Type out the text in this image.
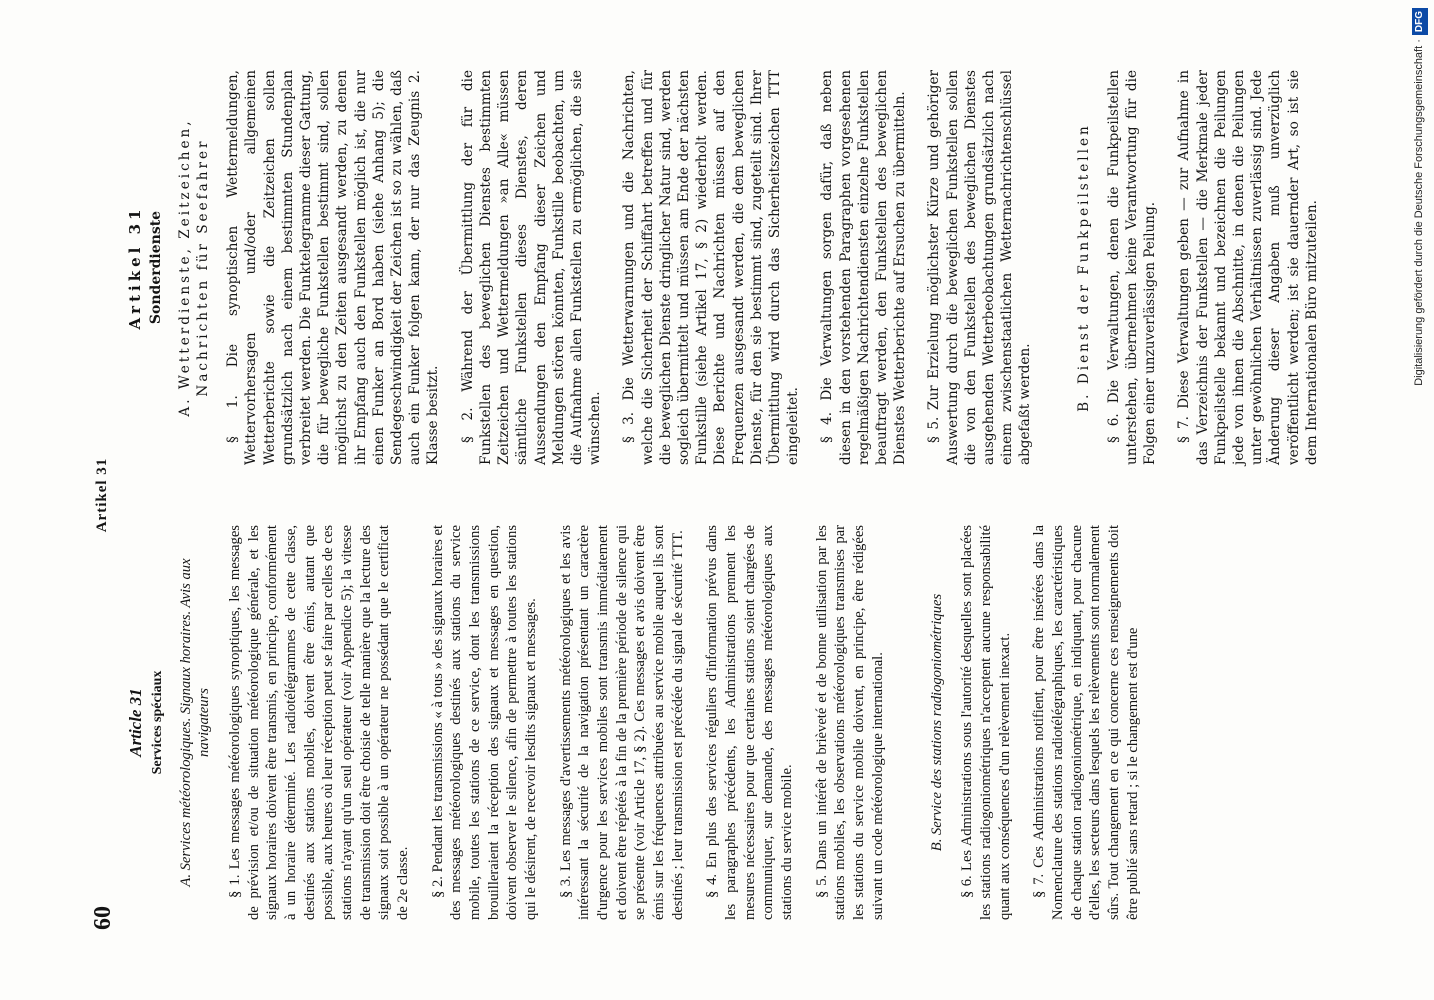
60
Artikel 31
Article 31 Services spéciaux A. Services météorologiques. Signaux horaires. Avis aux navigateurs § 1. Les messages météorologiques synoptiques, les messages de prévision et/ou de situation météorologique générale, et les signaux horaires doivent être transmis, en principe, conformément à un horaire déterminé. Les radiotélégrammes de cette classe, destinés aux stations mobiles, doivent être émis, autant que possible, aux heures où leur réception peut se faire par celles de ces stations n'ayant qu'un seul opérateur (voir Appendice 5); la vitesse de transmission doit être choisie de telle manière que la lecture des signaux soit possible à un opérateur ne possédant que le certificat de 2e classe. § 2. Pendant les transmissions « à tous » des signaux horaires et des messages météorologiques destinés aux stations du service mobile, toutes les stations de ce service, dont les transmissions brouilleraient la réception des signaux et messages en question, doivent observer le silence, afin de permettre à toutes les stations qui le désirent, de recevoir lesdits signaux et messages. § 3. Les messages d'avertissements météorologiques et les avis intéressant la sécurité de la navigation présentant un caractère d'urgence pour les services mobiles sont transmis immédiatement et doivent être répétés à la fin de la première période de silence qui se présente (voir Article 17, § 2). Ces messages et avis doivent être émis sur les fréquences attribuées au service mobile auquel ils sont destinés ; leur transmission est précédée du signal de sécurité TTT. § 4. En plus des services réguliers d'information prévus dans les paragraphes précédents, les Administrations prennent les mesures nécessaires pour que certaines stations soient chargées de communiquer, sur demande, des messages météorologiques aux stations du service mobile. § 5. Dans un intérêt de brièveté et de bonne utilisation par les stations mobiles, les observations météorologiques transmises par les stations du service mobile doivent, en principe, être rédigées suivant un code météorologique international.	B. Service des stations radiogoniométriques § 6. Les Administrations sous l'autorité desquelles sont placées les stations radiogoniométriques n'acceptent aucune responsabilité quant aux conséquences d'un relèvement inexact. § 7. Ces Administrations notifient, pour être insérées dans la Nomenclature des stations radiotélégraphiques, les caractéristiques de chaque station radiogoniométrique, en indiquant, pour chacune d'elles, les secteurs dans lesquels les relèvements sont normalement sûrs. Tout changement en ce qui concerne ces renseignements doit être publié sans retard ; si le changement est d'une

Artikel 31 Sonderdienste A. Wetterdienste, Zeitzeichen, Nachrichten für Seefahrer § 1. Die synoptischen Wettermeldungen, Wettervorhersagen und/oder allgemeinen Wetterberichte sowie die Zeitzeichen sollen grundsätzlich nach einem bestimmten Stundenplan verbreitet werden. Die Funktelegramme dieser Gattung, die für bewegliche Funkstellen bestimmt sind, sollen möglichst zu den Zeiten ausgesandt werden, zu denen ihr Empfang auch den Funkstellen möglich ist, die nur einen Funker an Bord haben (siehe Anhang 5); die Sendegeschwindigkeit der Zeichen ist so zu wählen, daß auch ein Funker folgen kann, der nur das Zeugnis 2. Klasse besitzt. § 2. Während der Übermittlung der für die Funkstellen des beweglichen Dienstes bestimmten Zeitzeichen und Wettermeldungen »an Alle« müssen sämtliche Funkstellen dieses Dienstes, deren Aussendungen den Empfang dieser Zeichen und Meldungen stören könnten, Funkstille beobachten, um die Aufnahme allen Funkstellen zu ermöglichen, die sie wünschen. § 3. Die Wetterwarnungen und die Nachrichten, welche die Sicherheit der Schiffahrt betreffen und für die beweglichen Dienste dringlicher Natur sind, werden sogleich übermittelt und müssen am Ende der nächsten Funkstille (siehe Artikel 17, § 2) wiederholt werden. Diese Berichte und Nachrichten müssen auf den Frequenzen ausgesandt werden, die dem beweglichen Dienste, für den sie bestimmt sind, zugeteilt sind. Ihrer Übermittlung wird durch das Sicherheitszeichen TTT eingeleitet. § 4. Die Verwaltungen sorgen dafür, daß neben diesen in den vorstehenden Paragraphen vorgesehenen regelmäßigen Nachrichtendiensten einzelne Funkstellen beauftragt werden, den Funkstellen des beweglichen Dienstes Wetterberichte auf Ersuchen zu übermitteln. § 5. Zur Erzielung möglichster Kürze und gehöriger Auswertung durch die beweglichen Funkstellen sollen die von den Funkstellen des beweglichen Dienstes ausgehenden Wetterbeobachtungen grundsätzlich nach einem zwischenstaatlichen Wetternachrichtenschlüssel abgefaßt werden.	B. Dienst der Funkpeilstellen § 6. Die Verwaltungen, denen die Funkpeilstellen unterstehen, übernehmen keine Verantwortung für die Folgen einer unzuverlässigen Peilung. § 7. Diese Verwaltungen geben — zur Aufnahme in das Verzeichnis der Funkstellen — die Merkmale jeder Funkpeilstelle bekannt und bezeichnen die Peilungen jede von ihnen die Abschnitte, in denen die Peilungen unter gewöhnlichen Verhältnissen zuverlässig sind. Jede Änderung dieser Angaben muß unverzüglich veröffentlicht werden; ist sie dauernder Art, so ist sie dem Internationalen Büro mitzuteilen.	Digitalisierung gefördert durch die Deutsche Forschungsgemeinschaft ·DFG
